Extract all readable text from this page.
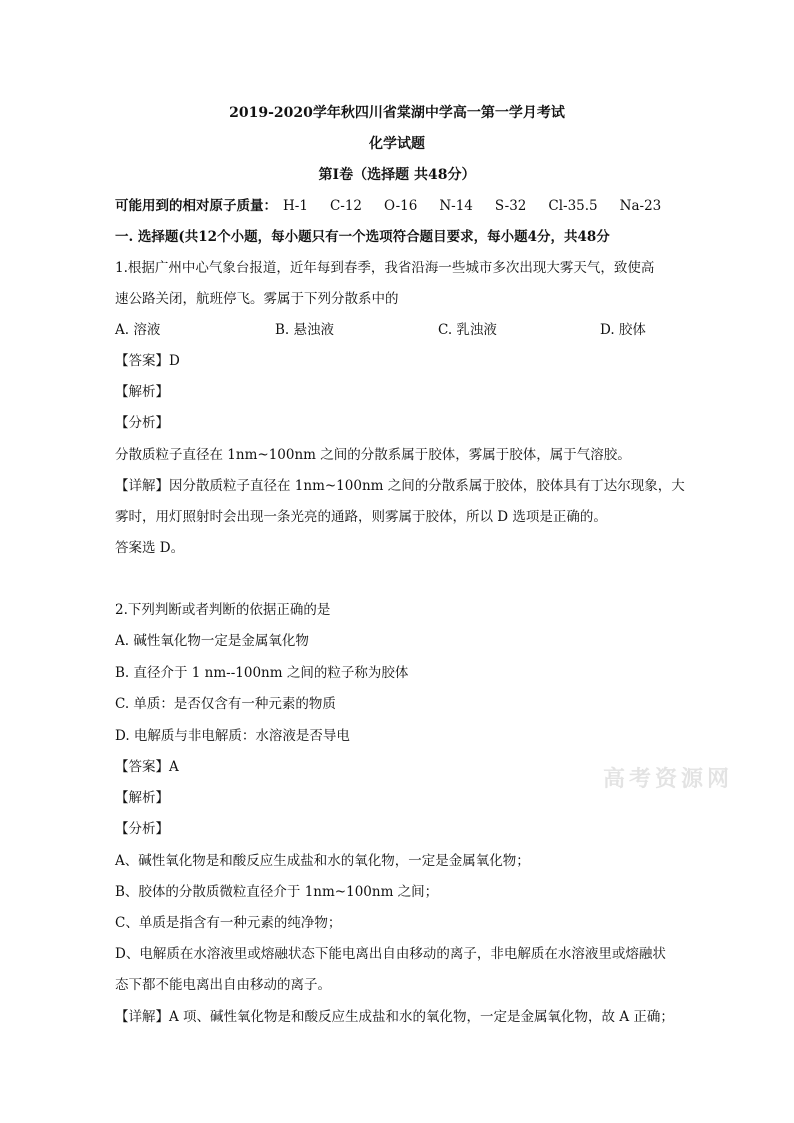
2019-2020学年秋四川省棠湖中学高一第一学月考试
化学试题
第Ⅰ卷（选择题 共48分）
可能用到的相对原子质量： H-1 C-12 O-16 N-14 S-32 Cl-35.5 Na-23
一. 选择题(共12个小题，每小题只有一个选项符合题目要求，每小题4分，共48分
1.根据广州中心气象台报道，近年每到春季，我省沿海一些城市多次出现大雾天气，致使高
速公路关闭，航班停飞。雾属于下列分散系中的
A. 溶液	B. 悬浊液	C. 乳浊液	D. 胶体
【答案】D
【解析】
【分析】
分散质粒子直径在 1nm~100nm 之间的分散系属于胶体，雾属于胶体，属于气溶胶。
【详解】因分散质粒子直径在 1nm~100nm 之间的分散系属于胶体，胶体具有丁达尔现象，大
雾时，用灯照射时会出现一条光亮的通路，则雾属于胶体，所以 D 选项是正确的。
答案选 D。
2.下列判断或者判断的依据正确的是
A. 碱性氧化物一定是金属氧化物
B. 直径介于 1 nm--100nm 之间的粒子称为胶体
C. 单质：是否仅含有一种元素的物质
D. 电解质与非电解质：水溶液是否导电
【答案】A
【解析】
【分析】
A、碱性氧化物是和酸反应生成盐和水的氧化物，一定是金属氧化物；
B、胶体的分散质微粒直径介于 1nm~100nm 之间；
C、单质是指含有一种元素的纯净物；
D、电解质在水溶液里或熔融状态下能电离出自由移动的离子，非电解质在水溶液里或熔融状
态下都不能电离出自由移动的离子。
【详解】A 项、碱性氧化物是和酸反应生成盐和水的氧化物，一定是金属氧化物，故 A 正确；
高考资源网
